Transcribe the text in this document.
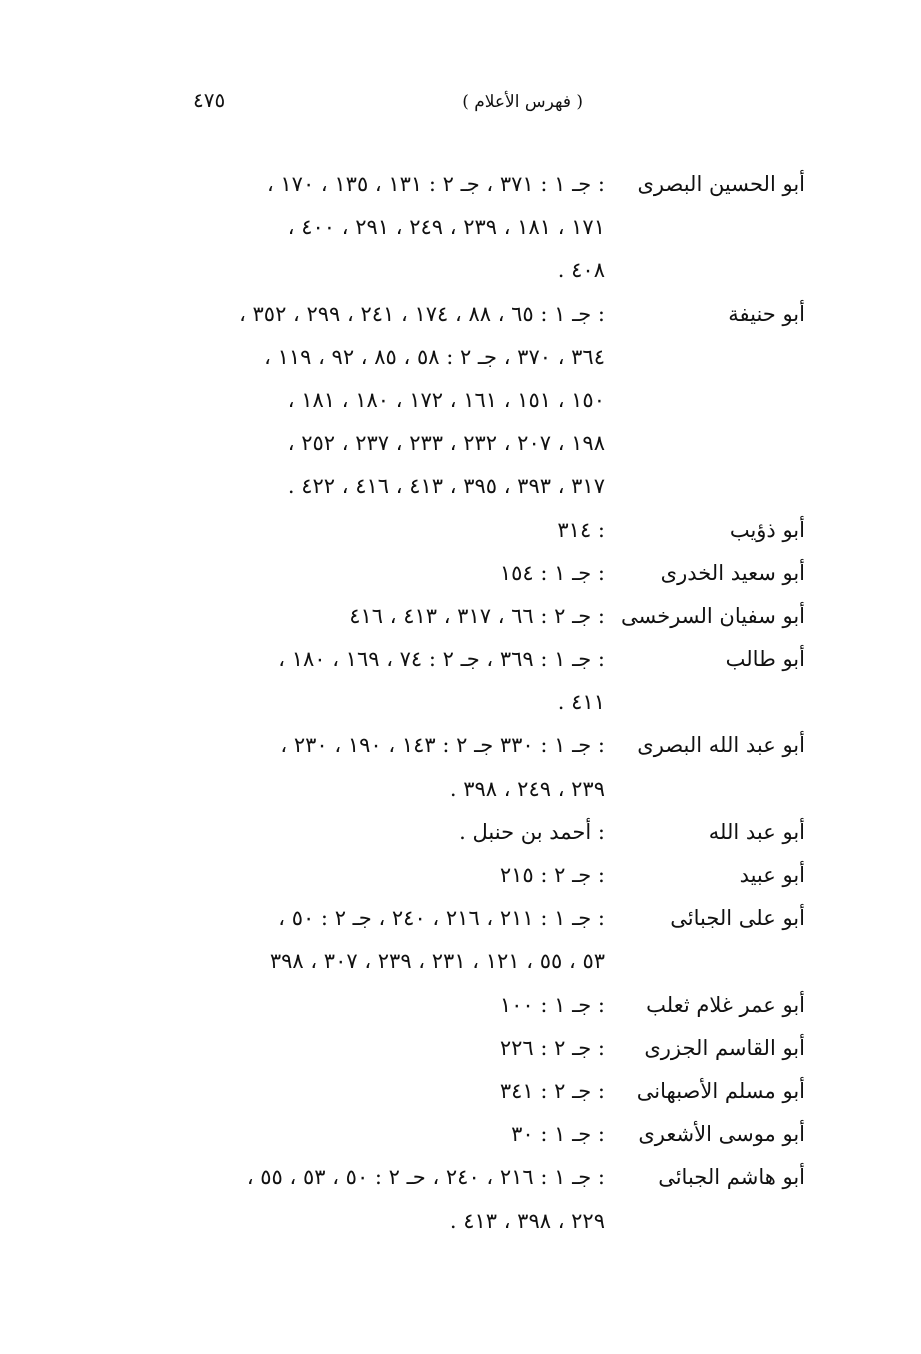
( فهرس الأعلام )
٤٧٥
أبو الحسين البصرى
: جـ ١ : ٣٧١ ، جـ ٢ : ١٣١ ، ١٣٥ ، ١٧٠ ،
١٧١ ، ١٨١ ، ٢٣٩ ، ٢٤٩ ، ٢٩١ ، ٤٠٠ ،
٤٠٨ .
أبو حنيفة
: جـ ١ : ٦٥ ، ٨٨ ، ١٧٤ ، ٢٤١ ، ٢٩٩ ، ٣٥٢ ،
٣٦٤ ، ٣٧٠ ، جـ ٢ : ٥٨ ، ٨٥ ، ٩٢ ، ١١٩ ،
١٥٠ ، ١٥١ ، ١٦١ ، ١٧٢ ، ١٨٠ ، ١٨١ ،
١٩٨ ، ٢٠٧ ، ٢٣٢ ، ٢٣٣ ، ٢٣٧ ، ٢٥٢ ،
٣١٧ ، ٣٩٣ ، ٣٩٥ ، ٤١٣ ، ٤١٦ ، ٤٢٢ .
أبو ذؤيب
: ٣١٤
أبو سعيد الخدرى
: جـ ١ : ١٥٤
أبو سفيان السرخسى
: جـ ٢ : ٦٦ ، ٣١٧ ، ٤١٣ ، ٤١٦
أبو طالب
: جـ ١ : ٣٦٩ ، جـ ٢ : ٧٤ ، ١٦٩ ، ١٨٠ ،
٤١١ .
أبو عبد الله البصرى
: جـ ١ : ٣٣٠ جـ ٢ : ١٤٣ ، ١٩٠ ، ٢٣٠ ،
٢٣٩ ، ٢٤٩ ، ٣٩٨ .
أبو عبد الله
: أحمد بن حنبل .
أبو عبيد
: جـ ٢ : ٢١٥
أبو على الجبائى
: جـ ١ : ٢١١ ، ٢١٦ ، ٢٤٠ ، جـ ٢ : ٥٠ ،
٥٣ ، ٥٥ ، ١٢١ ، ٢٣١ ، ٢٣٩ ، ٣٠٧ ، ٣٩٨
أبو عمر غلام ثعلب
: جـ ١ : ١٠٠
أبو القاسم الجزرى
: جـ ٢ : ٢٢٦
أبو مسلم الأصبهانى
: جـ ٢ : ٣٤١
أبو موسى الأشعرى
: جـ ١ : ٣٠
أبو هاشم الجبائى
: جـ ١ : ٢١٦ ، ٢٤٠ ، حـ ٢ : ٥٠ ، ٥٣ ، ٥٥ ،
٢٢٩ ، ٣٩٨ ، ٤١٣ .
